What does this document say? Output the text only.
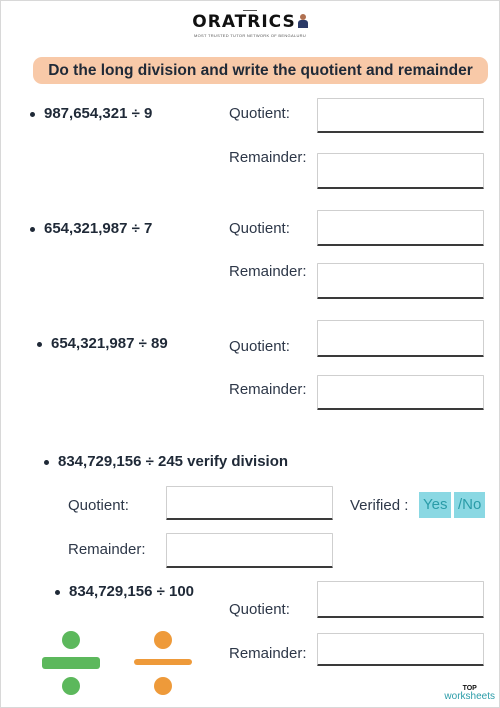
ORATRICS
MOST TRUSTED TUTOR NETWORK OF BENGALURU
Do the long division and write the quotient and remainder
987,654,321 ÷ 9	Quotient:
Remainder:
654,321,987 ÷ 7	Quotient:
Remainder:
654,321,987 ÷ 89	Quotient:
Remainder:
834,729,156 ÷ 245 verify division
Quotient:	Verified : Yes /No
Remainder:
834,729,156 ÷ 100
Quotient:
Remainder:
TOP
worksheets
